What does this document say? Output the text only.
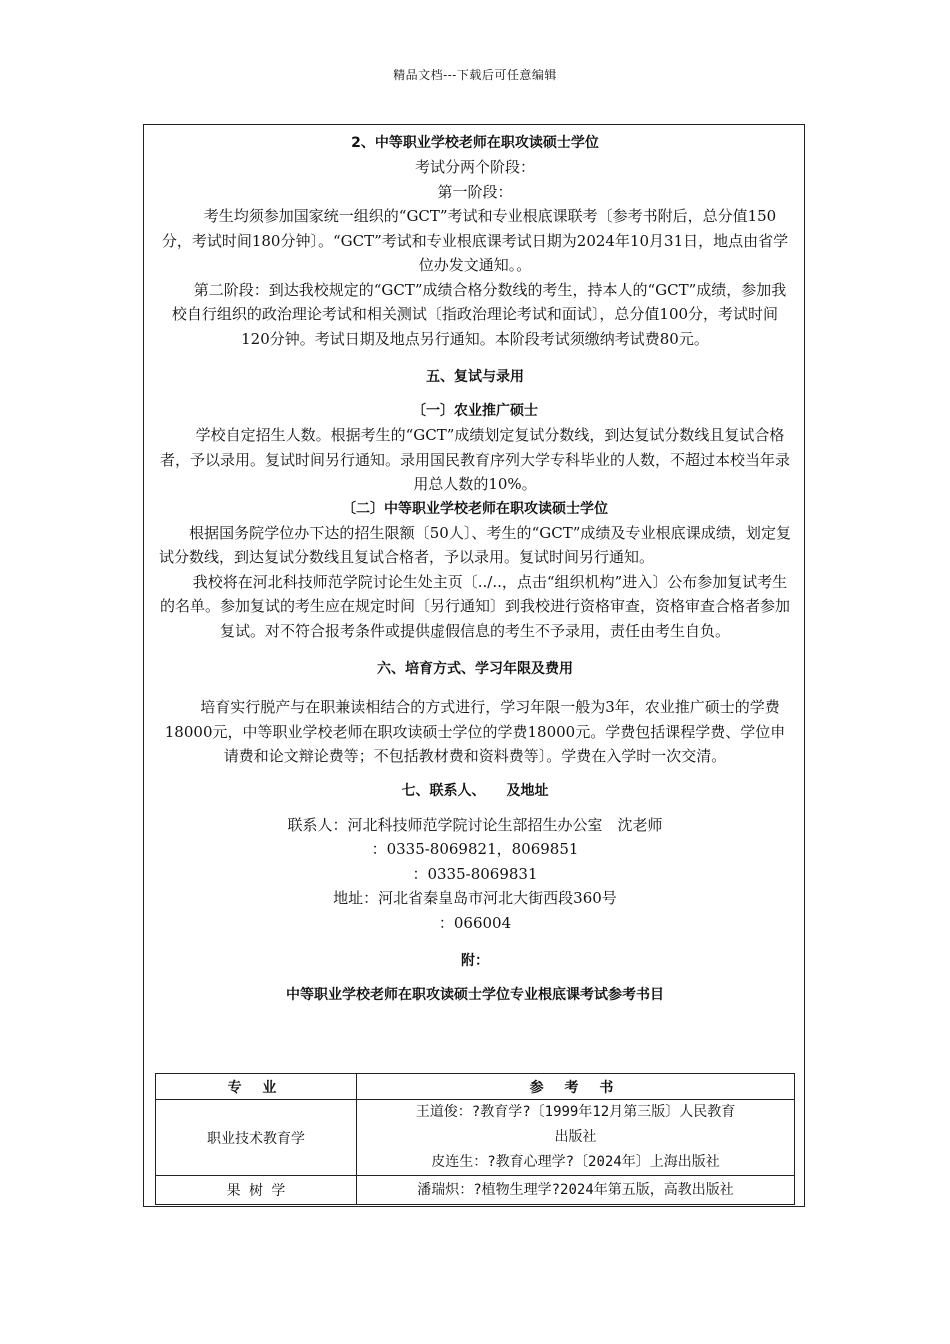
精品文档---下载后可任意编辑

2、中等职业学校老师在职攻读硕士学位

考试分两个阶段：

第一阶段：

考生均须参加国家统一组织的“GCT”考试和专业根底课联考〔参考书附后，总分值150分，考试时间180分钟〕。“GCT”考试和专业根底课考试日期为2024年10月31日，地点由省学位办发文通知。。

第二阶段：到达我校规定的“GCT”成绩合格分数线的考生，持本人的“GCT”成绩，参加我校自行组织的政治理论考试和相关测试〔指政治理论考试和面试〕，总分值100分，考试时间120分钟。考试日期及地点另行通知。本阶段考试须缴纳考试费80元。

五、复试与录用

〔一〕农业推广硕士

学校自定招生人数。根据考生的“GCT”成绩划定复试分数线，到达复试分数线且复试合格者，予以录用。复试时间另行通知。录用国民教育序列大学专科毕业的人数，不超过本校当年录用总人数的10%。

〔二〕中等职业学校老师在职攻读硕士学位

根据国务院学位办下达的招生限额〔50人〕、考生的“GCT”成绩及专业根底课成绩，划定复试分数线，到达复试分数线且复试合格者，予以录用。复试时间另行通知。

我校将在河北科技师范学院讨论生处主页〔../..，点击“组织机构”进入〕公布参加复试考生的名单。参加复试的考生应在规定时间〔另行通知〕到我校进行资格审查，资格审查合格者参加复试。对不符合报考条件或提供虚假信息的考生不予录用，责任由考生自负。

六、培育方式、学习年限及费用

培育实行脱产与在职兼读相结合的方式进行，学习年限一般为3年，农业推广硕士的学费18000元，中等职业学校老师在职攻读硕士学位的学费18000元。学费包括课程学费、学位申请费和论文辩论费等；不包括教材费和资料费等〕。学费在入学时一次交清。

七、联系人、　　及地址

联系人：河北科技师范学院讨论生部招生办公室　沈老师

：0335-8069821，8069851

：0335-8069831

地址：河北省秦皇岛市河北大街西段360号

：066004

附：

中等职业学校老师在职攻读硕士学位专业根底课考试参考书目

专 业	参 考 书
职业技术教育学	王道俊：?教育学?〔1999年12月第三版〕人民教育
出版社
皮连生：?教育心理学?〔2024年〕上海出版社

果 树 学	潘瑞炽：?植物生理学?2024年第五版，高教出版社
